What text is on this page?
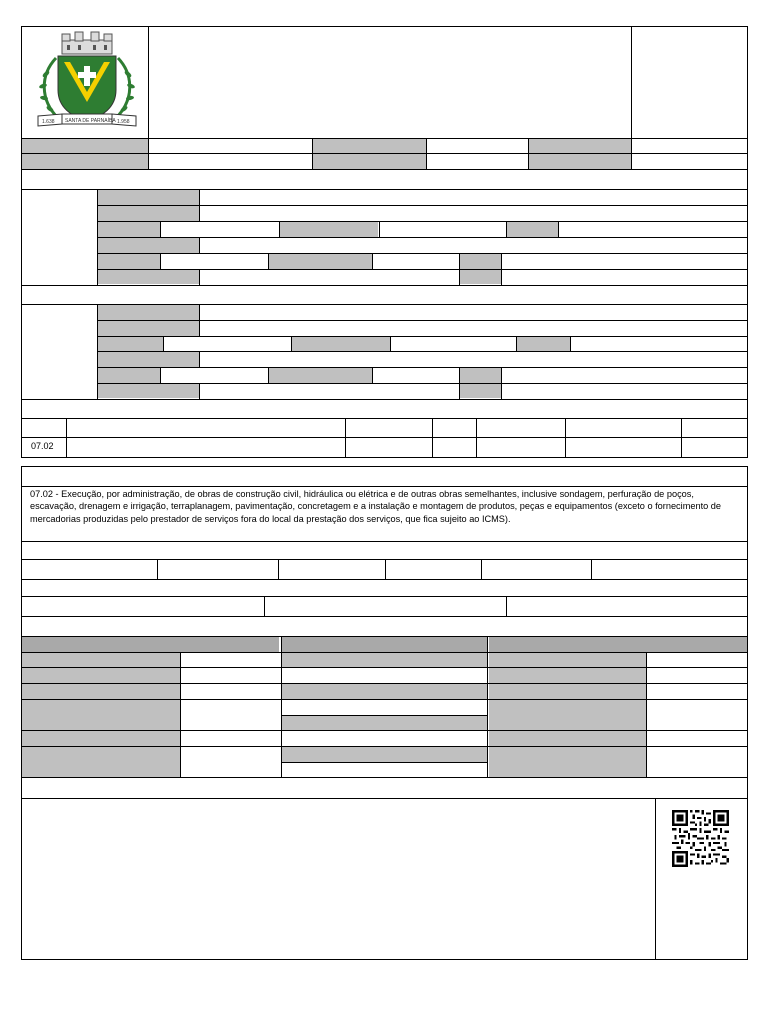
1.638 SANTA DE PARNAÍBA 1.958
07.02
07.02 - Execução, por administração, de obras de construção civil, hidráulica ou elétrica e de outras obras semelhantes, inclusive sondagem, perfuração de poços, escavação, drenagem e irrigação, terraplanagem, pavimentação, concretagem e a instalação e montagem de produtos, peças e equipamentos (exceto o fornecimento de mercadorias produzidas pelo prestador de serviços fora do local da prestação dos serviços, que fica sujeito ao ICMS).
